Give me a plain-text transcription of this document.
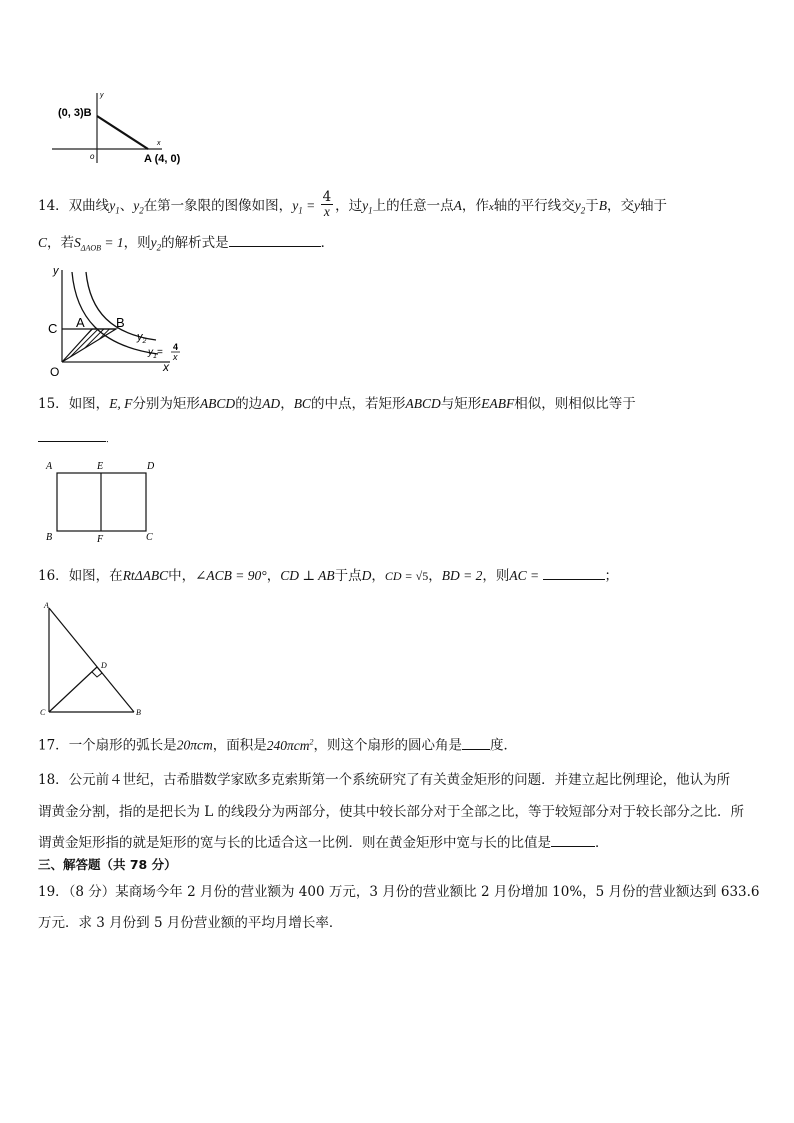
y
x
(0, 3)B
o	A (4, 0)
14．双曲线$y_1$、$y_2$在第一象限的图像如图，$y_1 = \frac{4}{x}$ ，过$y_1$上的任意一点A，作x轴的平行线交$y_2$于B，交y轴于
C，若$S_{\Delta AOB} = 1$，则$y_2$的解析式是	．
y
O	x
C A B
$y_2$
$y_1= 4$
x
15．如图，E, F分别为矩形ABCD的边AD，BC的中点，若矩形ABCD与矩形EABF相似，则相似比等于
．
A	E	D
B	F	C
16．如图，在RtΔABC中，∠ACB = 90°，CD ⊥ AB于点D，CD = √5，BD = 2，则AC =	；
A
D
C	B
17．一个扇形的弧长是20πcm，面积是240πcm$^2$，则这个扇形的圆心角是 度．
18．公元前４世纪，古希腊数学家欧多克索斯第一个系统研究了有关黄金矩形的问题．并建立起比例理论，他认为所
谓黄金分割，指的是把长为 L 的线段分为两部分，使其中较长部分对于全部之比，等于较短部分对于较长部分之比．所
谓黄金矩形指的就是矩形的宽与长的比适合这一比例．则在黄金矩形中宽与长的比值是	．
三、解答题（共 78 分）
19．（8 分）某商场今年 2 月份的营业额为 400 万元，3 月份的营业额比 2 月份增加 10%，5 月份的营业额达到 633.6
万元．求 3 月份到 5 月份营业额的平均月增长率．
